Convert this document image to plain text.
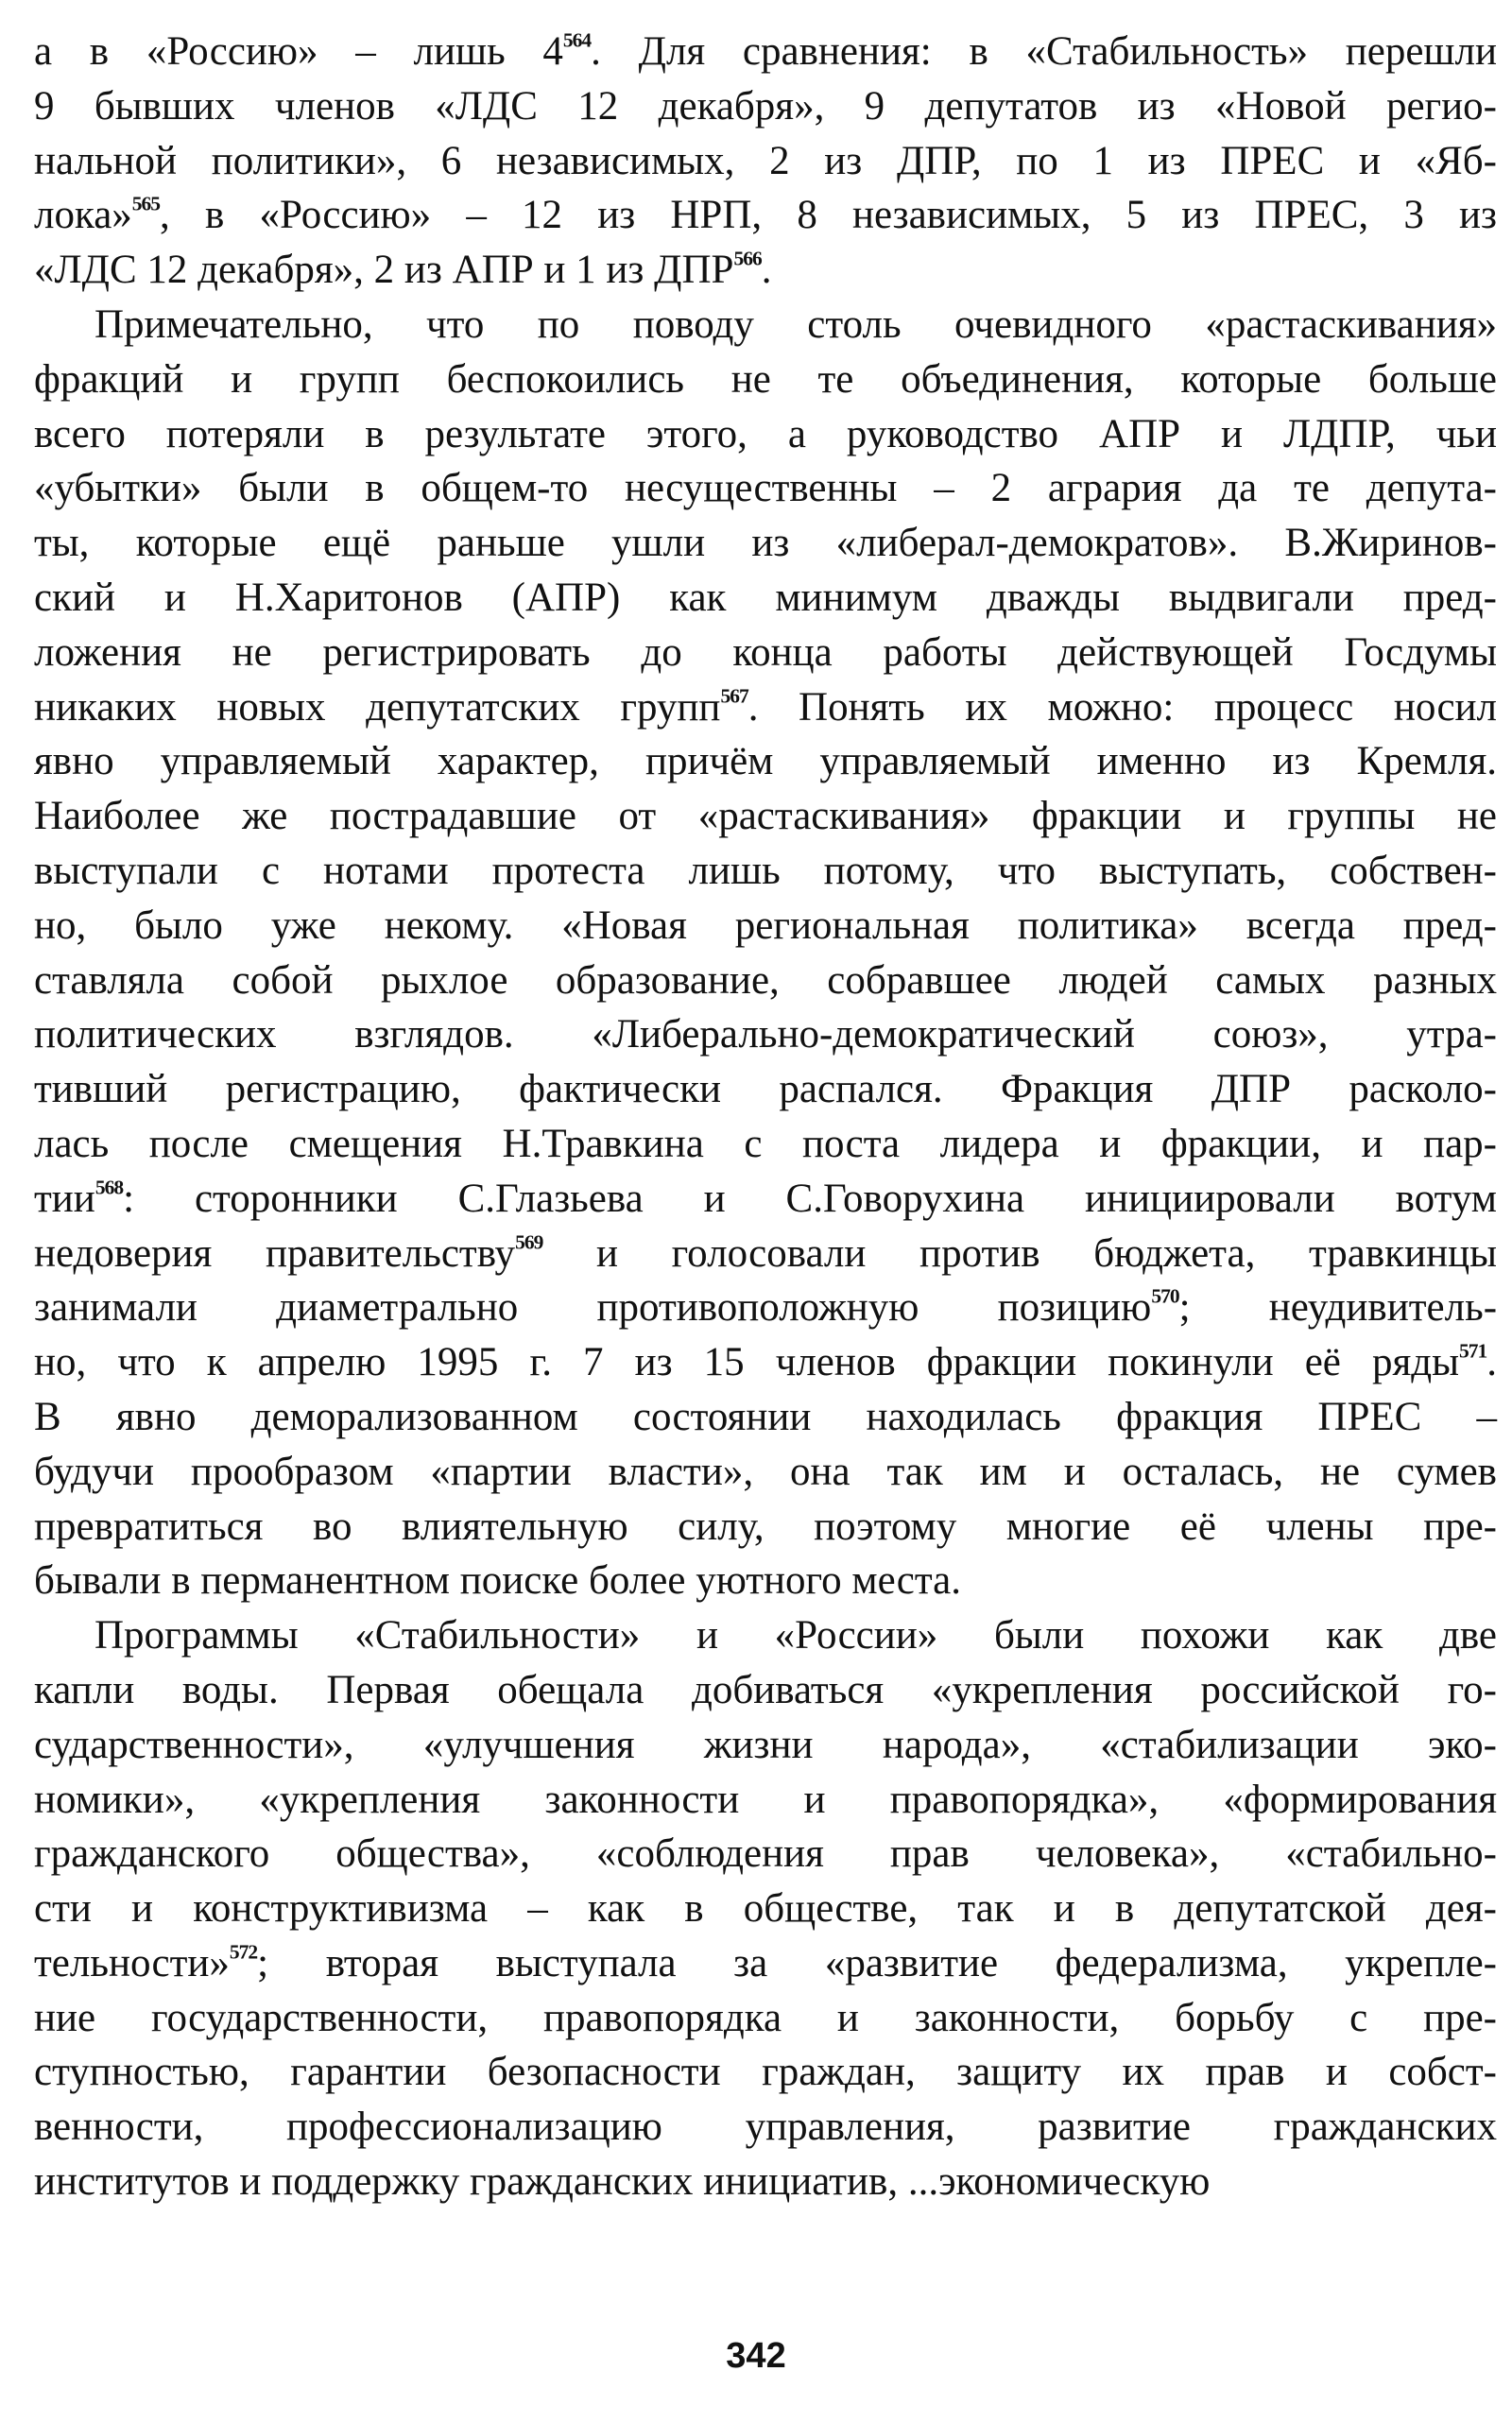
а в «Россию» – лишь $4^{564}$. Для сравнения: в «Стабильность» перешли
9 бывших членов «ЛДС 12 декабря», 9 депутатов из «Новой регио-
нальной политики», 6 независимых, 2 из ДПР, по 1 из ПРЕС и «Яб-
лока»$^{565}$, в «Россию» – 12 из НРП, 8 независимых, 5 из ПРЕС, 3 из
«ЛДС 12 декабря», 2 из АПР и 1 из ДПР$^{566}$.
Примечательно, что по поводу столь очевидного «растаскивания»
фракций и групп беспокоились не те объединения, которые больше
всего потеряли в результате этого, а руководство АПР и ЛДПР, чьи
«убытки» были в общем-то несущественны – 2 агрария да те депута-
ты, которые ещё раньше ушли из «либерал-демократов». В.Жиринов-
ский и Н.Харитонов (АПР) как минимум дважды выдвигали пред-
ложения не регистрировать до конца работы действующей Госдумы
никаких новых депутатских групп$^{567}$. Понять их можно: процесс носил
явно управляемый характер, причём управляемый именно из Кремля.
Наиболее же пострадавшие от «растаскивания» фракции и группы не
выступали с нотами протеста лишь потому, что выступать, собствен-
но, было уже некому. «Новая региональная политика» всегда пред-
ставляла собой рыхлое образование, собравшее людей самых разных
политических взглядов. «Либерально-демократический союз», утра-
тивший регистрацию, фактически распался. Фракция ДПР расколо-
лась после смещения Н.Травкина с поста лидера и фракции, и пар-
тии$^{568}$: сторонники С.Глазьева и С.Говорухина инициировали вотум
недоверия правительству$^{569}$ и голосовали против бюджета, травкинцы
занимали диаметрально противоположную позицию$^{570}$; неудивитель-
но, что к апрелю 1995 г. 7 из 15 членов фракции покинули её ряды$^{571}$.
В явно деморализованном состоянии находилась фракция ПРЕС –
будучи прообразом «партии власти», она так им и осталась, не сумев
превратиться во влиятельную силу, поэтому многие её члены пре-
бывали в перманентном поиске более уютного места.
Программы «Стабильности» и «России» были похожи как две
капли воды. Первая обещала добиваться «укрепления российской го-
сударственности», «улучшения жизни народа», «стабилизации эко-
номики», «укрепления законности и правопорядка», «формирования
гражданского общества», «соблюдения прав человека», «стабильно-
сти и конструктивизма – как в обществе, так и в депутатской дея-
тельности»$^{572}$; вторая выступала за «развитие федерализма, укрепле-
ние государственности, правопорядка и законности, борьбу с пре-
ступностью, гарантии безопасности граждан, защиту их прав и собст-
венности, профессионализацию управления, развитие гражданских
институтов и поддержку гражданских инициатив, ...экономическую
342
